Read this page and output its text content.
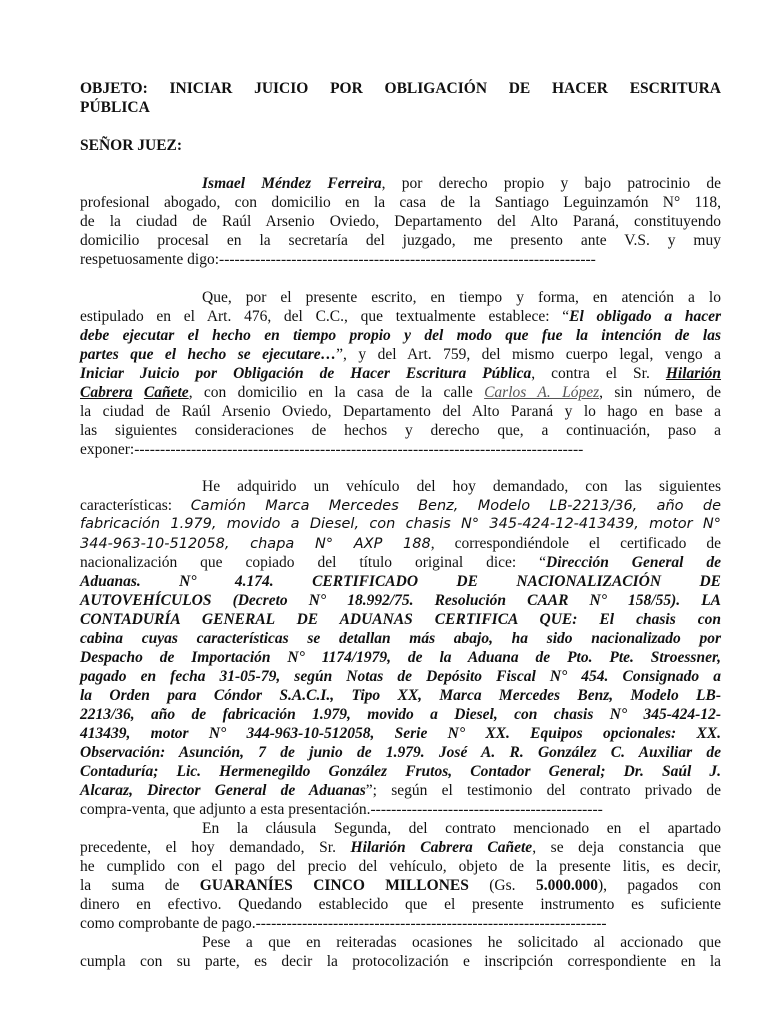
OBJETO: INICIAR JUICIO POR OBLIGACIÓN DE HACER ESCRITURA
PÚBLICA
SEÑOR JUEZ:
Ismael Méndez Ferreira, por derecho propio y bajo patrocinio de
profesional abogado, con domicilio en la casa de la Santiago Leguinzamón N° 118,
de la ciudad de Raúl Arsenio Oviedo, Departamento del Alto Paraná, constituyendo
domicilio procesal en la secretaría del juzgado, me presento ante V.S. y muy
respetuosamente digo:-------------------------------------------------------------------------
Que, por el presente escrito, en tiempo y forma, en atención a lo
estipulado en el Art. 476, del C.C., que textualmente establece: “El obligado a hacer
debe ejecutar el hecho en tiempo propio y del modo que fue la intención de las
partes que el hecho se ejecutare…”, y del Art. 759, del mismo cuerpo legal, vengo a
Iniciar Juicio por Obligación de Hacer Escritura Pública, contra el Sr. Hilarión
Cabrera Cañete, con domicilio en la casa de la calle Carlos A. López, sin número, de
la ciudad de Raúl Arsenio Oviedo, Departamento del Alto Paraná y lo hago en base a
las siguientes consideraciones de hechos y derecho que, a continuación, paso a
exponer:---------------------------------------------------------------------------------------
He adquirido un vehículo del hoy demandado, con las siguientes
características: Camión Marca Mercedes Benz, Modelo LB-2213/36, año de
fabricación 1.979, movido a Diesel, con chasis N° 345-424-12-413439, motor N°
344-963-10-512058, chapa N° AXP 188, correspondiéndole el certificado de
nacionalización que copiado del título original dice: “Dirección General de
Aduanas. N° 4.174. CERTIFICADO DE NACIONALIZACIÓN DE
AUTOVEHÍCULOS (Decreto N° 18.992/75. Resolución CAAR N° 158/55). LA
CONTADURÍA GENERAL DE ADUANAS CERTIFICA QUE: El chasis con
cabina cuyas características se detallan más abajo, ha sido nacionalizado por
Despacho de Importación N° 1174/1979, de la Aduana de Pto. Pte. Stroessner,
pagado en fecha 31-05-79, según Notas de Depósito Fiscal N° 454. Consignado a
la Orden para Cóndor S.A.C.I., Tipo XX, Marca Mercedes Benz, Modelo LB-
2213/36, año de fabricación 1.979, movido a Diesel, con chasis N° 345-424-12-
413439, motor N° 344-963-10-512058, Serie N° XX. Equipos opcionales: XX.
Observación: Asunción, 7 de junio de 1.979. José A. R. González C. Auxiliar de
Contaduría; Lic. Hermenegildo González Frutos, Contador General; Dr. Saúl J.
Alcaraz, Director General de Aduanas”; según el testimonio del contrato privado de
compra-venta, que adjunto a esta presentación.---------------------------------------------
En la cláusula Segunda, del contrato mencionado en el apartado
precedente, el hoy demandado, Sr. Hilarión Cabrera Cañete, se deja constancia que
he cumplido con el pago del precio del vehículo, objeto de la presente litis, es decir,
la suma de GUARANÍES CINCO MILLONES (Gs. 5.000.000), pagados con
dinero en efectivo. Quedando establecido que el presente instrumento es suficiente
como comprobante de pago.--------------------------------------------------------------------
Pese a que en reiteradas ocasiones he solicitado al accionado que
cumpla con su parte, es decir la protocolización e inscripción correspondiente en la
